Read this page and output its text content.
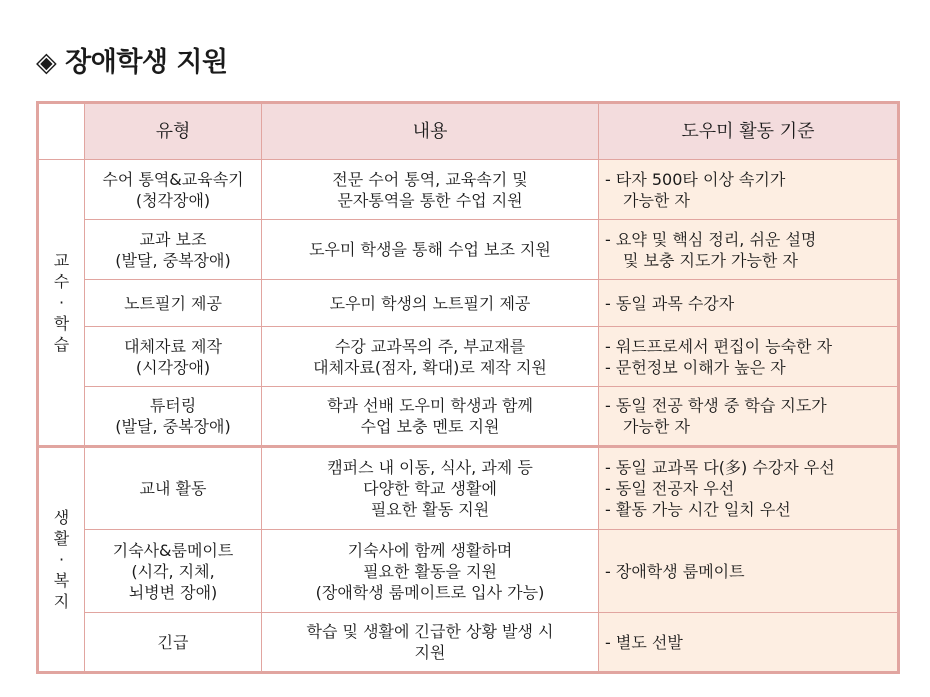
◈ 장애학생 지원
	유형	내용	도우미 활동 기준

교
수
·
학
습	수어 통역&교육속기
(청각장애)	전문 수어 통역, 교육속기 및
문자통역을 통한 수업 지원	- 타자 500타 이상 속기가
가능한 자

	교과 보조
(발달, 중복장애)	도우미 학생을 통해 수업 보조 지원	- 요약 및 핵심 정리, 쉬운 설명
및 보충 지도가 가능한 자

	노트필기 제공	도우미 학생의 노트필기 제공	- 동일 과목 수강자

	대체자료 제작
(시각장애)	수강 교과목의 주, 부교재를
대체자료(점자, 확대)로 제작 지원	- 워드프로세서 편집이 능숙한 자
- 문헌정보 이해가 높은 자

	튜터링
(발달, 중복장애)	학과 선배 도우미 학생과 함께
수업 보충 멘토 지원	- 동일 전공 학생 중 학습 지도가
가능한 자

생
활
·
복
지	교내 활동	캠퍼스 내 이동, 식사, 과제 등
다양한 학교 생활에
필요한 활동 지원	- 동일 교과목 다(多) 수강자 우선
- 동일 전공자 우선
- 활동 가능 시간 일치 우선

	기숙사&룸메이트
(시각, 지체,
뇌병변 장애)	기숙사에 함께 생활하며
필요한 활동을 지원
(장애학생 룸메이트로 입사 가능)	- 장애학생 룸메이트

	긴급	학습 및 생활에 긴급한 상황 발생 시
지원	- 별도 선발
